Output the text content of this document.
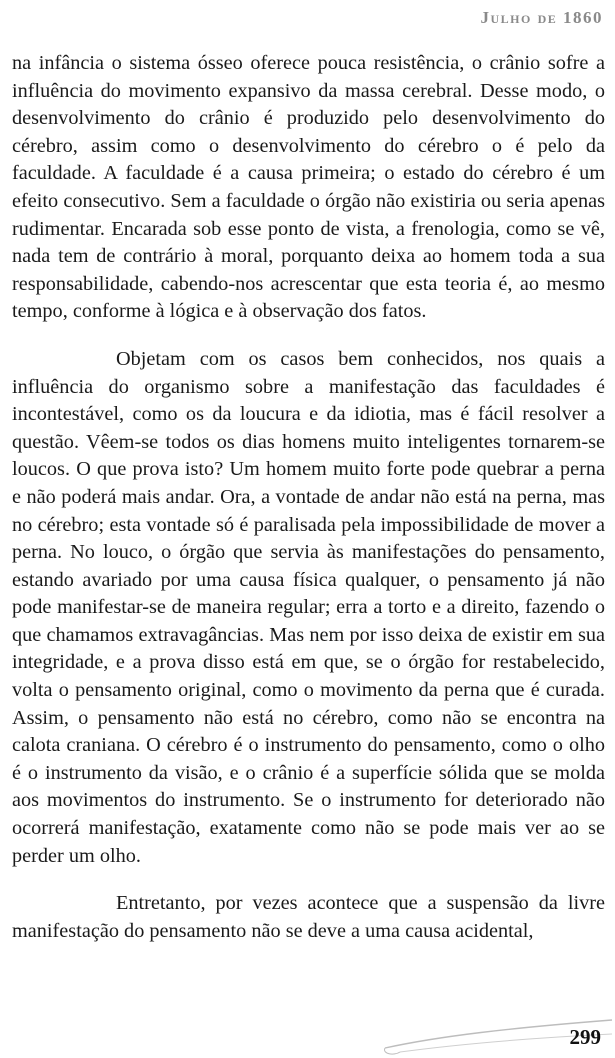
Julho de 1860

na infância o sistema ósseo oferece pouca resistência, o crânio sofre a influência do movimento expansivo da massa cerebral. Desse modo, o desenvolvimento do crânio é produzido pelo desenvolvimento do cérebro, assim como o desenvolvimento do cérebro o é pelo da faculdade. A faculdade é a causa primeira; o estado do cérebro é um efeito consecutivo. Sem a faculdade o órgão não existiria ou seria apenas rudimentar. Encarada sob esse ponto de vista, a frenologia, como se vê, nada tem de contrário à moral, porquanto deixa ao homem toda a sua responsabilidade, cabendo-nos acrescentar que esta teoria é, ao mesmo tempo, conforme à lógica e à observação dos fatos.

Objetam com os casos bem conhecidos, nos quais a influência do organismo sobre a manifestação das faculdades é incontestável, como os da loucura e da idiotia, mas é fácil resolver a questão. Vêem-se todos os dias homens muito inteligentes tornarem-se loucos. O que prova isto? Um homem muito forte pode quebrar a perna e não poderá mais andar. Ora, a vontade de andar não está na perna, mas no cérebro; esta vontade só é paralisada pela impossibilidade de mover a perna. No louco, o órgão que servia às manifestações do pensamento, estando avariado por uma causa física qualquer, o pensamento já não pode manifestar-se de maneira regular; erra a torto e a direito, fazendo o que chamamos extravagâncias. Mas nem por isso deixa de existir em sua integridade, e a prova disso está em que, se o órgão for restabelecido, volta o pensamento original, como o movimento da perna que é curada. Assim, o pensamento não está no cérebro, como não se encontra na calota craniana. O cérebro é o instrumento do pensamento, como o olho é o instrumento da visão, e o crânio é a superfície sólida que se molda aos movimentos do instrumento. Se o instrumento for deteriorado não ocorrerá manifestação, exatamente como não se pode mais ver ao se perder um olho.

Entretanto, por vezes acontece que a suspensão da livre manifestação do pensamento não se deve a uma causa acidental,

299
